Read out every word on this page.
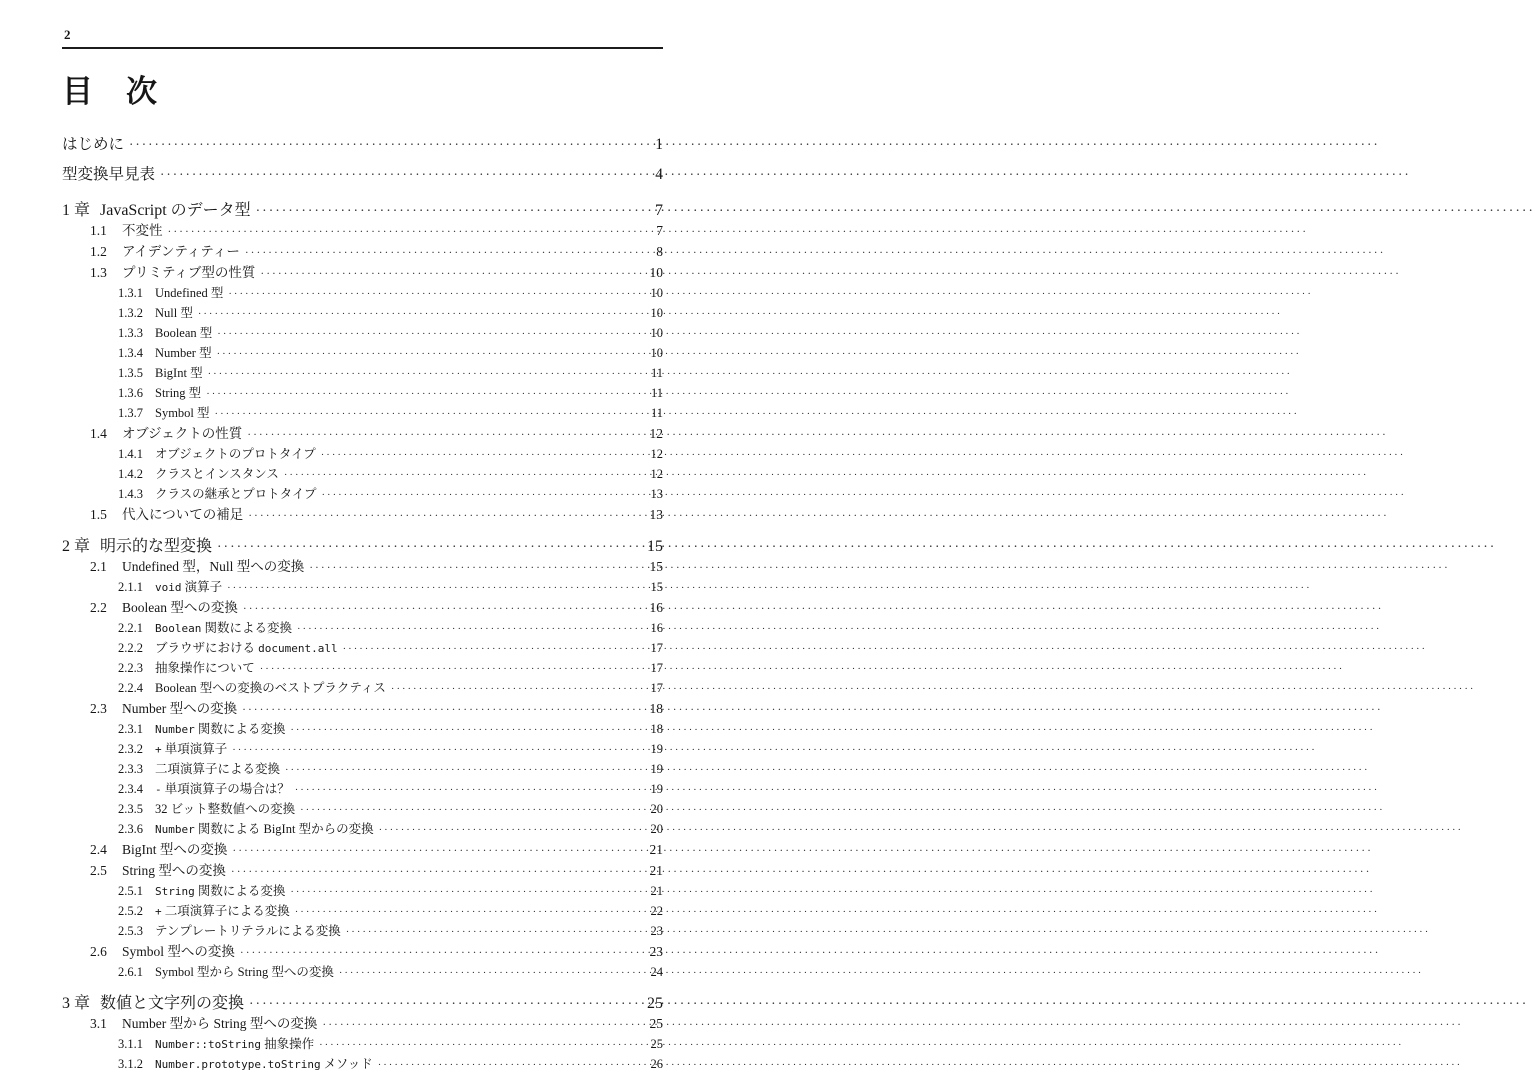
2
目　次
はじめに ·····	1
型変換早見表 ·····	4
1 章 JavaScript のデータ型 ·····	7
1.1	不変性 ·····	7
1.2	アイデンティティー ·····	8
1.3	プリミティブ型の性質 ·····	10
1.3.1 Undefined 型 ·····	10
1.3.2 Null 型 ·····	10
1.3.3 Boolean 型 ·····	10
1.3.4 Number 型 ·····	10
1.3.5 BigInt 型 ·····	11
1.3.6 String 型 ·····	11
1.3.7 Symbol 型 ·····	11
1.4	オブジェクトの性質 ·····	12
1.4.1 オブジェクトのプロトタイプ ·····	12
1.4.2 クラスとインスタンス ·····	12
1.4.3 クラスの継承とプロトタイプ ·····	13
1.5	代入についての補足 ·····	13
2 章 明示的な型変換 ·····	15
2.1	Undefined 型，Null 型への変換 ·····	15
2.1.1	void 演算子 ·····	15
2.2	Boolean 型への変換 ·····	16
2.2.1	Boolean 関数による変換 ·····	16
2.2.2 ブラウザにおける document.all ·····	17
2.2.3 抽象操作について ·····	17
2.2.4 Boolean 型への変換のベストプラクティス ·····	17
2.3	Number 型への変換 ·····	18
2.3.1	Number 関数による変換 ·····	18
2.3.2	+ 単項演算子 ·····	19
2.3.3 二項演算子による変換 ·····	19
2.3.4	- 単項演算子の場合は？ ·····	19
2.3.5 32 ビット整数値への変換 ·····	20
2.3.6	Number 関数による BigInt 型からの変換 ·····	20
2.4	BigInt 型への変換 ·····	21
2.5	String 型への変換 ·····	21
2.5.1	String 関数による変換 ·····	21
2.5.2	+ 二項演算子による変換 ·····	22
2.5.3 テンプレートリテラルによる変換 ·····	23
2.6	Symbol 型への変換 ·····	23
2.6.1 Symbol 型から String 型への変換 ·····	24
3 章 数値と文字列の変換 ·····	25
3.1	Number 型から String 型への変換 ·····	25
3.1.1	Number::toString 抽象操作 ·····	25
3.1.2	Number.prototype.toString メソッド ·····	26
